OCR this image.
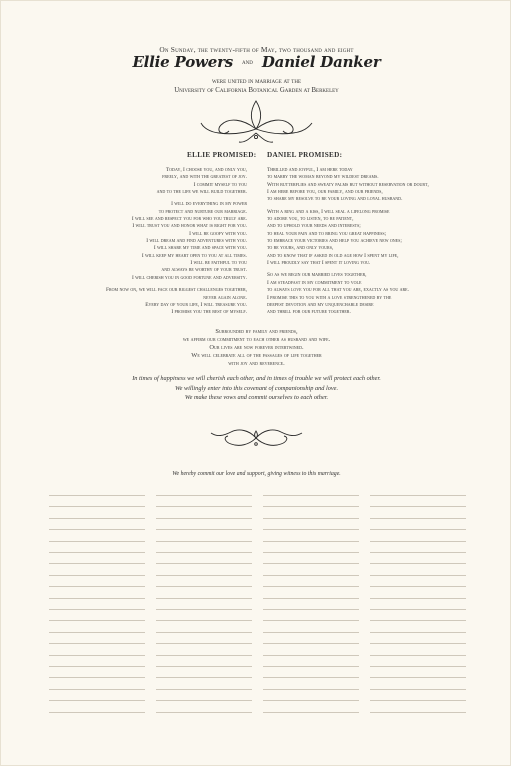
On Sunday, the twenty-fifth of May, two thousand and eight
Ellie Powers and Daniel Danker
were united in marriage at the
University of California Botanical Garden at Berkeley
ELLIE PROMISED: DANIEL PROMISED:
Today, I choose you, and only you,
freely, and with the greatest of joy.
I commit myself to you
and to the life we will build together.
I will do everything in my power
to protect and nurture our marriage.
I will see and respect you for who you truly are.
I will trust you and honor what is right for you.
I will be goofy with you.
I will dream and find adventures with you.
I will share my time and space with you.
I will keep my heart open to you at all times.
I will be faithful to you
and always be worthy of your trust.
I will cherish you in good fortune and adversity.
From now on, we will face our biggest challenges together,
never again alone.
Every day of your life, I will treasure you.
I promise you the best of myself.
Thrilled and joyful, I am here today
to marry the woman beyond my wildest dreams.
With butterflies and sweaty palms but without reservation or doubt,
I am here before you, our family, and our friends,
to share my resolve to be your loving and loyal husband.
With a ring and a kiss, I will seal a lifelong promise
to adore you, to listen, to be patient,
and to uphold your needs and interests;
to heal your pain and to bring you great happiness;
to embrace your victories and help you achieve new ones;
to be yours, and only yours,
and to know that if asked in old age how I spent my life,
I will proudly say that I spent it loving you.
So as we begin our married lives together,
I am steadfast in my commitment to vole
to always love you for all that you are, exactly as you are.
I promise this to you with a love strengthened by the
deepest devotion and my unquenchable desire
and thrill for our future together.
Surrounded by family and friends,
we affirm our commitment to each other as husband and wife.
Our lives are now forever intertwined.
We will celebrate all of the passages of life together
with joy and reverence.
In times of happiness we will cherish each other, and in times of trouble we will protect each other.
We willingly enter into this covenant of companionship and love.
We make these vows and commit ourselves to each other.
We hereby commit our love and support, giving witness to this marriage.
